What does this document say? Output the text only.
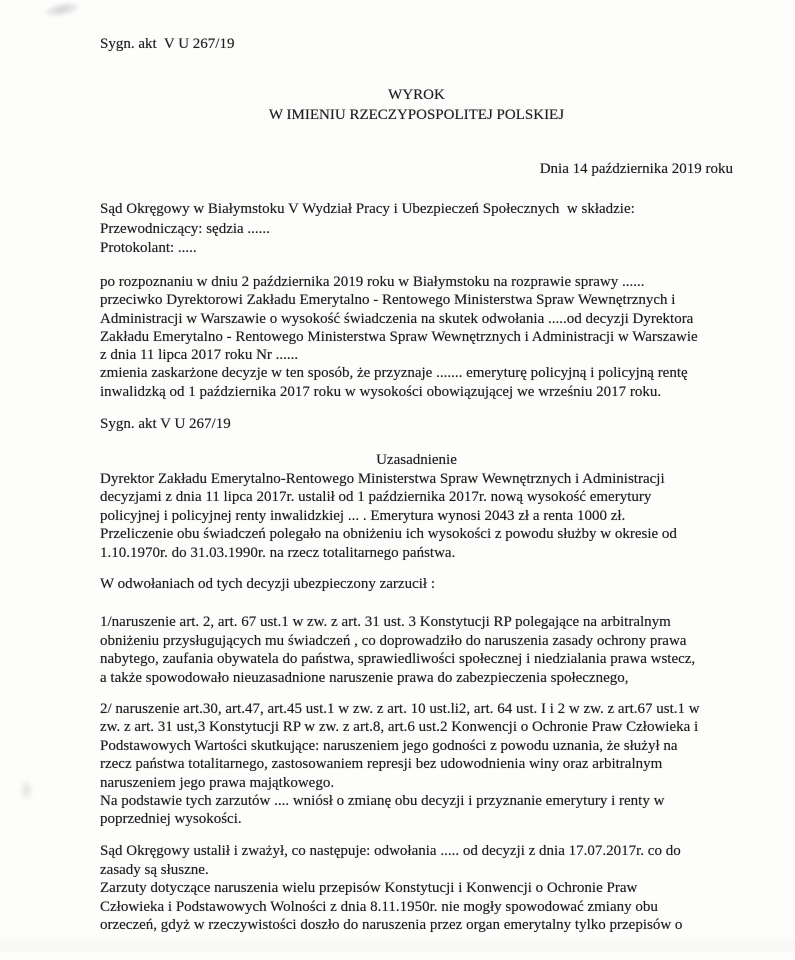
Sygn. akt  V U 267/19
WYROK
W IMIENIU RZECZYPOSPOLITEJ POLSKIEJ
Dnia 14 października 2019 roku
Sąd Okręgowy w Białymstoku V Wydział Pracy i Ubezpieczeń Społecznych  w składzie:
Przewodniczący: sędzia ......
Protokolant: .....
po rozpoznaniu w dniu 2 października 2019 roku w Białymstoku na rozprawie sprawy ......
przeciwko Dyrektorowi Zakładu Emerytalno - Rentowego Ministerstwa Spraw Wewnętrznych i
Administracji w Warszawie o wysokość świadczenia na skutek odwołania .....od decyzji Dyrektora
Zakładu Emerytalno - Rentowego Ministerstwa Spraw Wewnętrznych i Administracji w Warszawie
z dnia 11 lipca 2017 roku Nr ......
zmienia zaskarżone decyzje w ten sposób, że przyznaje ....... emeryturę policyjną i policyjną rentę
inwalidzką od 1 października 2017 roku w wysokości obowiązującej we wrześniu 2017 roku.
Sygn. akt V U 267/19
Uzasadnienie
Dyrektor Zakładu Emerytalno-Rentowego Ministerstwa Spraw Wewnętrznych i Administracji
decyzjami z dnia 11 lipca 2017r. ustalił od 1 października 2017r. nową wysokość emerytury
policyjnej i policyjnej renty inwalidzkiej ... . Emerytura wynosi 2043 zł a renta 1000 zł.
Przeliczenie obu świadczeń polegało na obniżeniu ich wysokości z powodu służby w okresie od
1.10.1970r. do 31.03.1990r. na rzecz totalitarnego państwa.
W odwołaniach od tych decyzji ubezpieczony zarzucił :
1/naruszenie art. 2, art. 67 ust.1 w zw. z art. 31 ust. 3 Konstytucji RP polegające na arbitralnym
obniżeniu przysługujących mu świadczeń , co doprowadziło do naruszenia zasady ochrony prawa
nabytego, zaufania obywatela do państwa, sprawiedliwości społecznej i niedzialania prawa wstecz,
a także spowodowało nieuzasadnione naruszenie prawa do zabezpieczenia społecznego,
2/ naruszenie art.30, art.47, art.45 ust.1 w zw. z art. 10 ust.li2, art. 64 ust. I i 2 w zw. z art.67 ust.1 w
zw. z art. 31 ust,3 Konstytucji RP w zw. z art.8, art.6 ust.2 Konwencji o Ochronie Praw Człowieka i
Podstawowych Wartości skutkujące: naruszeniem jego godności z powodu uznania, że służył na
rzecz państwa totalitarnego, zastosowaniem represji bez udowodnienia winy oraz arbitralnym
naruszeniem jego prawa majątkowego.
Na podstawie tych zarzutów .... wniósł o zmianę obu decyzji i przyznanie emerytury i renty w
poprzedniej wysokości.
Sąd Okręgowy ustalił i zważył, co następuje: odwołania ..... od decyzji z dnia 17.07.2017r. co do
zasady są słuszne.
Zarzuty dotyczące naruszenia wielu przepisów Konstytucji i Konwencji o Ochronie Praw
Człowieka i Podstawowych Wolności z dnia 8.11.1950r. nie mogły spowodować zmiany obu
orzeczeń, gdyż w rzeczywistości doszło do naruszenia przez organ emerytalny tylko przepisów o
